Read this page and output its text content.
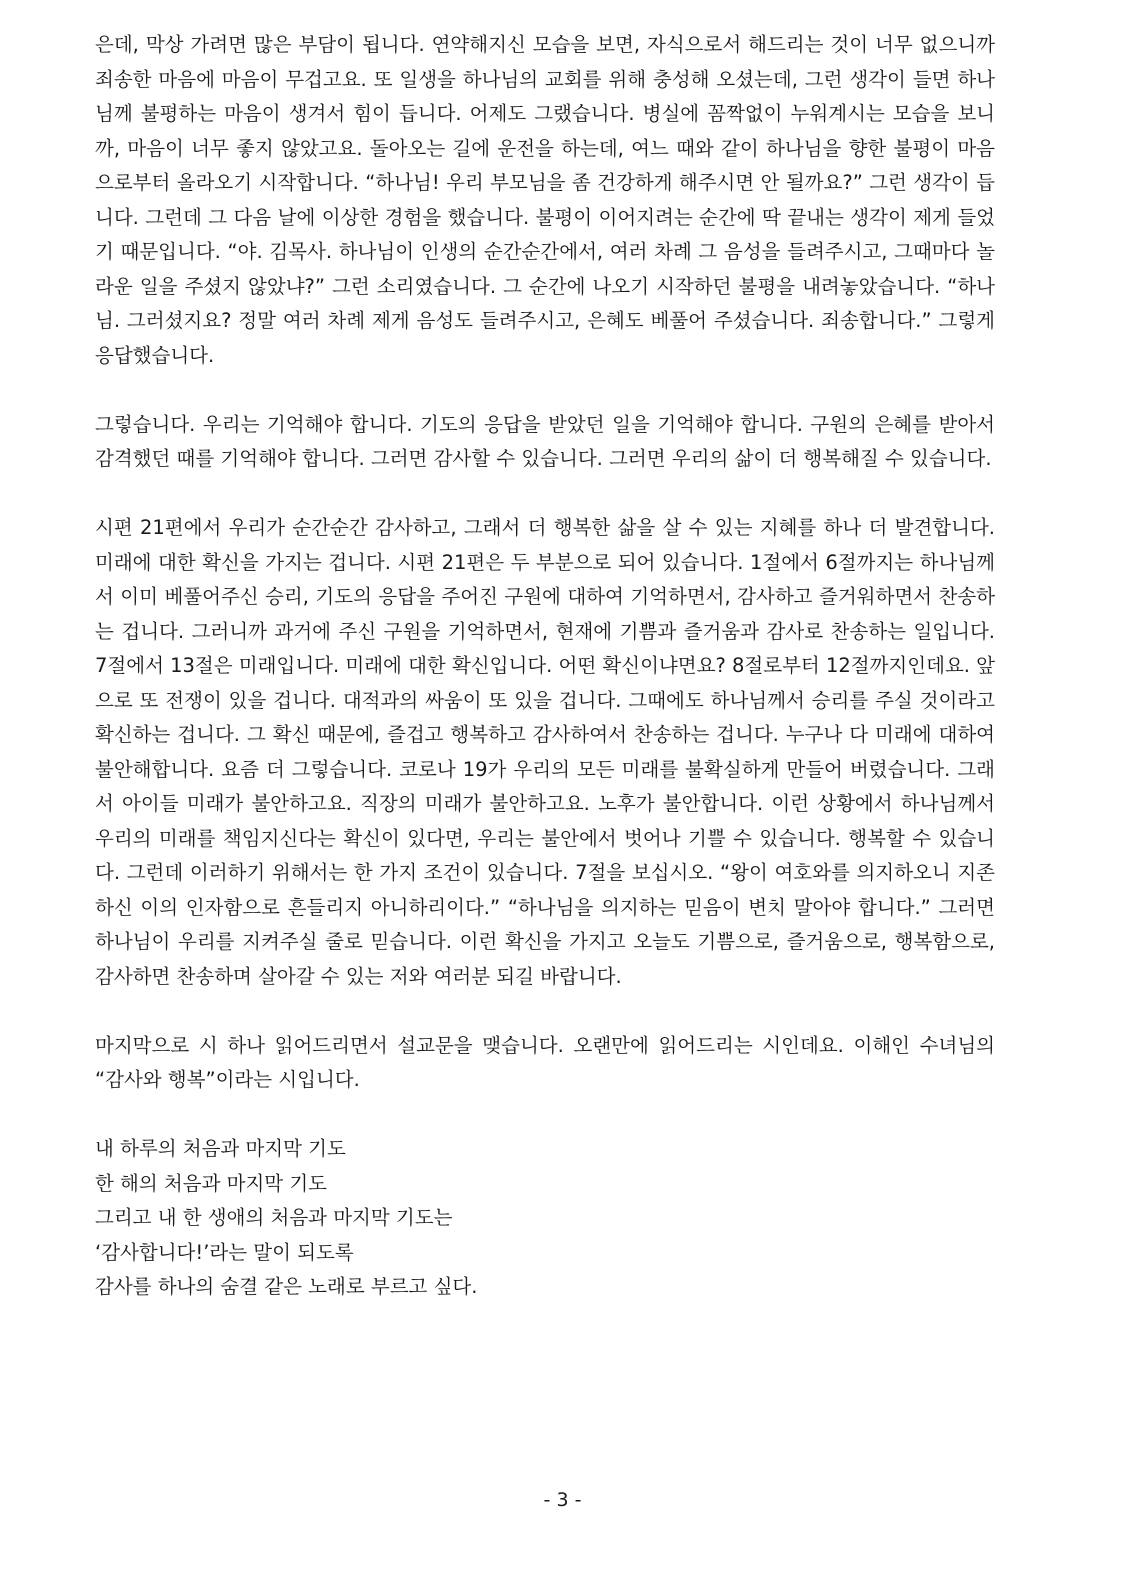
은데, 막상 가려면 많은 부담이 됩니다. 연약해지신 모습을 보면, 자식으로서 해드리는 것이 너무 없으니까 죄송한 마음에 마음이 무겁고요. 또 일생을 하나님의 교회를 위해 충성해 오셨는데, 그런 생각이 들면 하나님께 불평하는 마음이 생겨서 힘이 듭니다. 어제도 그랬습니다. 병실에 꼼짝없이 누워계시는 모습을 보니까, 마음이 너무 좋지 않았고요. 돌아오는 길에 운전을 하는데, 여느 때와 같이 하나님을 향한 불평이 마음으로부터 올라오기 시작합니다. “하나님! 우리 부모님을 좀 건강하게 해주시면 안 될까요?” 그런 생각이 듭니다. 그런데 그 다음 날에 이상한 경험을 했습니다. 불평이 이어지려는 순간에 딱 끝내는 생각이 제게 들었기 때문입니다. “야. 김목사. 하나님이 인생의 순간순간에서, 여러 차례 그 음성을 들려주시고, 그때마다 놀라운 일을 주셨지 않았냐?” 그런 소리였습니다. 그 순간에 나오기 시작하던 불평을 내려놓았습니다. “하나님. 그러셨지요? 정말 여러 차례 제게 음성도 들려주시고, 은혜도 베풀어 주셨습니다. 죄송합니다.” 그렇게 응답했습니다.

그렇습니다. 우리는 기억해야 합니다. 기도의 응답을 받았던 일을 기억해야 합니다. 구원의 은혜를 받아서 감격했던 때를 기억해야 합니다. 그러면 감사할 수 있습니다. 그러면 우리의 삶이 더 행복해질 수 있습니다.

시편 21편에서 우리가 순간순간 감사하고, 그래서 더 행복한 삶을 살 수 있는 지혜를 하나 더 발견합니다. 미래에 대한 확신을 가지는 겁니다. 시편 21편은 두 부분으로 되어 있습니다. 1절에서 6절까지는 하나님께서 이미 베풀어주신 승리, 기도의 응답을 주어진 구원에 대하여 기억하면서, 감사하고 즐거워하면서 찬송하는 겁니다. 그러니까 과거에 주신 구원을 기억하면서, 현재에 기쁨과 즐거움과 감사로 찬송하는 일입니다. 7절에서 13절은 미래입니다. 미래에 대한 확신입니다. 어떤 확신이냐면요? 8절로부터 12절까지인데요. 앞으로 또 전쟁이 있을 겁니다. 대적과의 싸움이 또 있을 겁니다. 그때에도 하나님께서 승리를 주실 것이라고 확신하는 겁니다. 그 확신 때문에, 즐겁고 행복하고 감사하여서 찬송하는 겁니다. 누구나 다 미래에 대하여 불안해합니다. 요즘 더 그렇습니다. 코로나 19가 우리의 모든 미래를 불확실하게 만들어 버렸습니다. 그래서 아이들 미래가 불안하고요. 직장의 미래가 불안하고요. 노후가 불안합니다. 이런 상황에서 하나님께서 우리의 미래를 책임지신다는 확신이 있다면, 우리는 불안에서 벗어나 기쁠 수 있습니다. 행복할 수 있습니다. 그런데 이러하기 위해서는 한 가지 조건이 있습니다. 7절을 보십시오. “왕이 여호와를 의지하오니 지존하신 이의 인자함으로 흔들리지 아니하리이다.” “하나님을 의지하는 믿음이 변치 말아야 합니다.” 그러면 하나님이 우리를 지켜주실 줄로 믿습니다. 이런 확신을 가지고 오늘도 기쁨으로, 즐거움으로, 행복함으로, 감사하면 찬송하며 살아갈 수 있는 저와 여러분 되길 바랍니다.

마지막으로 시 하나 읽어드리면서 설교문을 맺습니다. 오랜만에 읽어드리는 시인데요. 이해인 수녀님의 “감사와 행복”이라는 시입니다.

내 하루의 처음과 마지막 기도

한 해의 처음과 마지막 기도

그리고 내 한 생애의 처음과 마지막 기도는

‘감사합니다!’라는 말이 되도록

감사를 하나의 숨결 같은 노래로 부르고 싶다.

- 3 -
